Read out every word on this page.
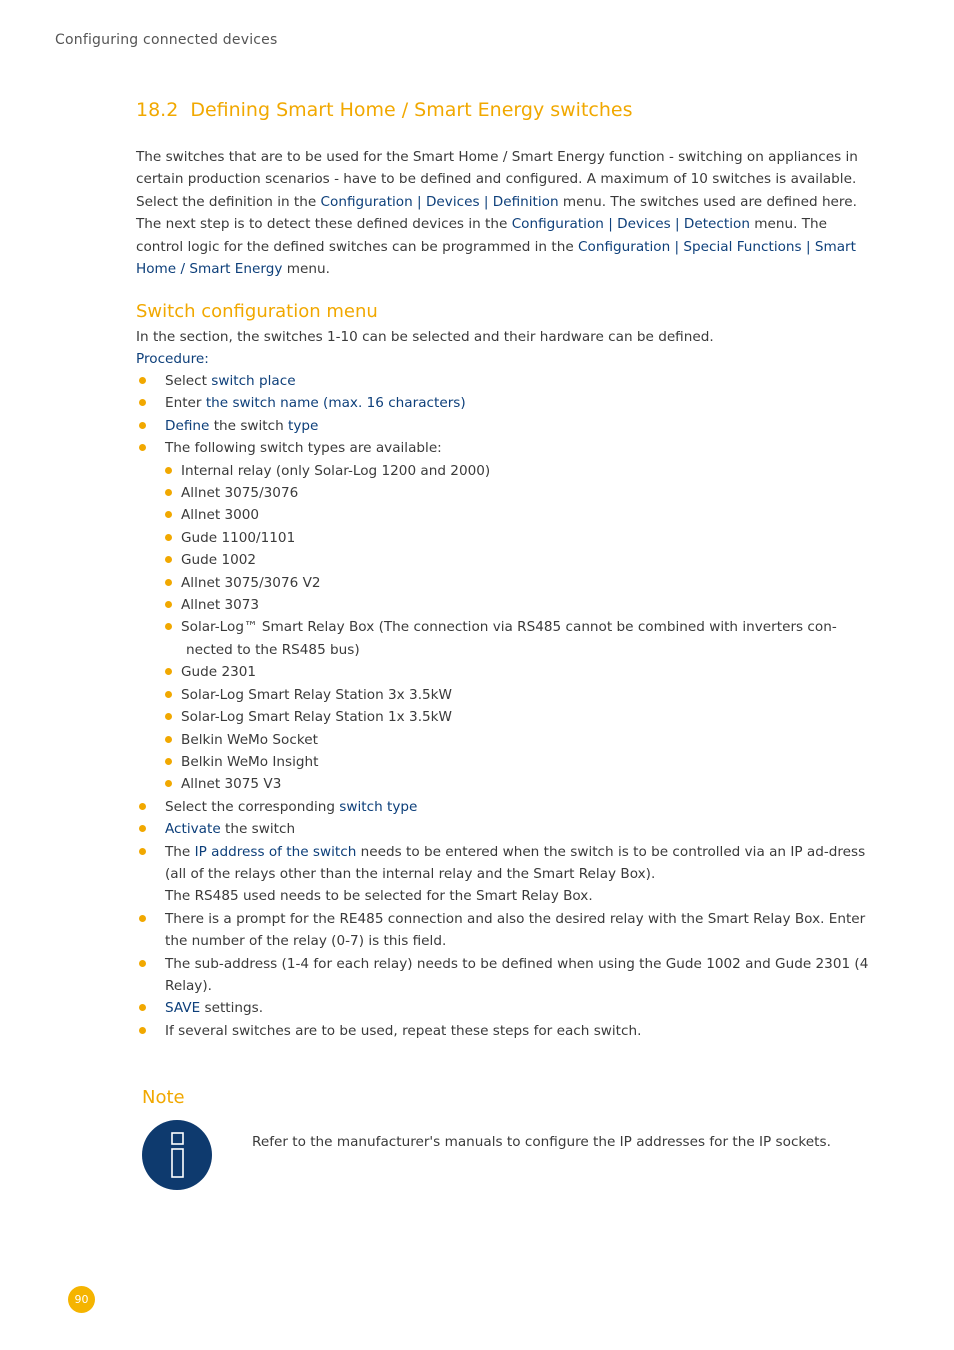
Configuring connected devices
18.2 Defining Smart Home / Smart Energy switches
The switches that are to be used for the Smart Home / Smart Energy function - switching on appliances in certain production scenarios - have to be defined and configured. A maximum of 10 switches is available. Select the definition in the Configuration | Devices | Definition menu. The switches used are defined here. The next step is to detect these defined devices in the Configuration | Devices | Detection menu. The control logic for the defined switches can be programmed in the Configuration | Special Functions | Smart Home / Smart Energy menu.
Switch configuration menu
In the section, the switches 1-10 can be selected and their hardware can be defined.
Procedure:
Select switch place
Enter the switch name (max. 16 characters)
Define the switch type
The following switch types are available:
Internal relay (only Solar-Log 1200 and 2000)
Allnet 3075/3076
Allnet 3000
Gude 1100/1101
Gude 1002
Allnet 3075/3076 V2
Allnet 3073
Solar-Log™ Smart Relay Box (The connection via RS485 cannot be combined with inverters con-
nected to the RS485 bus)
Gude 2301
Solar-Log Smart Relay Station 3x 3.5kW
Solar-Log Smart Relay Station 1x 3.5kW
Belkin WeMo Socket
Belkin WeMo Insight
Allnet 3075 V3
Select the corresponding switch type
Activate the switch
The IP address of the switch needs to be entered when the switch is to be controlled via an IP ad-dress (all of the relays other than the internal relay and the Smart Relay Box).
The RS485 used needs to be selected for the Smart Relay Box.
There is a prompt for the RE485 connection and also the desired relay with the Smart Relay Box. Enter the number of the relay (0-7) is this field.
The sub-address (1-4 for each relay) needs to be defined when using the Gude 1002 and Gude 2301 (4 Relay).
SAVE settings.
If several switches are to be used, repeat these steps for each switch.
Note
Refer to the manufacturer's manuals to configure the IP addresses for the IP sockets.
90
